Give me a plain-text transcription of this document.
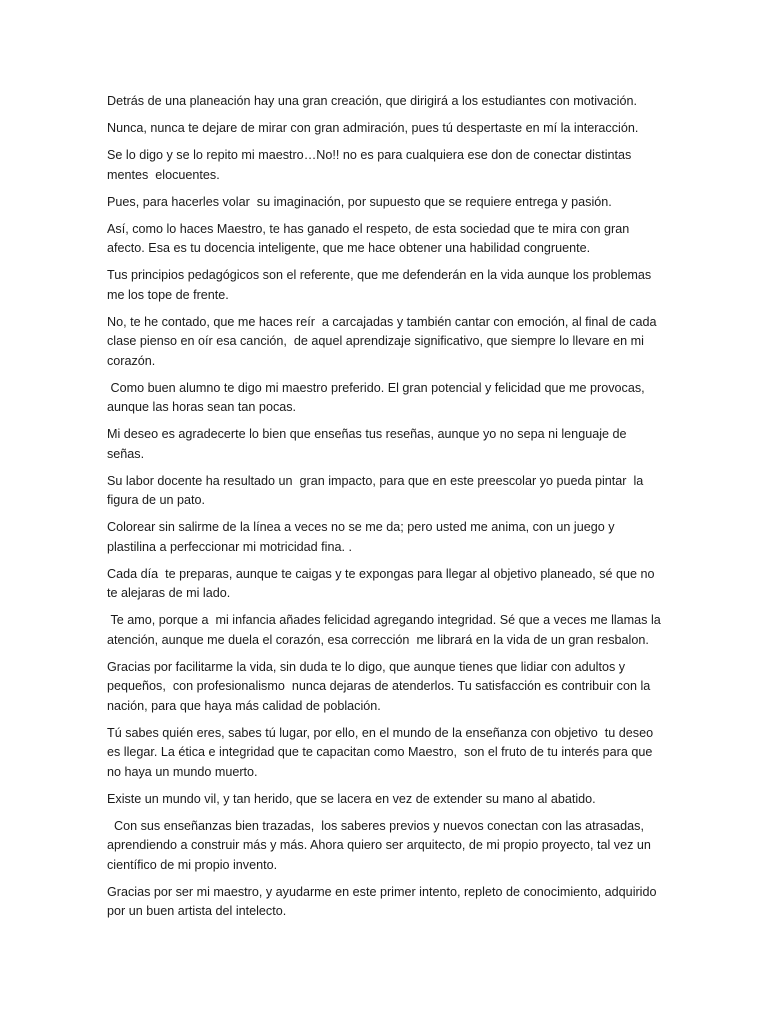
Detrás de una planeación hay una gran creación, que dirigirá a los estudiantes con motivación.

Nunca, nunca te dejare de mirar con gran admiración, pues tú despertaste en mí la interacción.

Se lo digo y se lo repito mi maestro…No!! no es para cualquiera ese don de conectar distintas mentes  elocuentes.

Pues, para hacerles volar  su imaginación, por supuesto que se requiere entrega y pasión.

Así, como lo haces Maestro, te has ganado el respeto, de esta sociedad que te mira con gran afecto. Esa es tu docencia inteligente, que me hace obtener una habilidad congruente.

Tus principios pedagógicos son el referente, que me defenderán en la vida aunque los problemas me los tope de frente.

No, te he contado, que me haces reír  a carcajadas y también cantar con emoción, al final de cada clase pienso en oír esa canción,  de aquel aprendizaje significativo, que siempre lo llevare en mi corazón.

Como buen alumno te digo mi maestro preferido. El gran potencial y felicidad que me provocas, aunque las horas sean tan pocas.

Mi deseo es agradecerte lo bien que enseñas tus reseñas, aunque yo no sepa ni lenguaje de señas.

Su labor docente ha resultado un  gran impacto, para que en este preescolar yo pueda pintar  la figura de un pato.

Colorear sin salirme de la línea a veces no se me da; pero usted me anima, con un juego y plastilina a perfeccionar mi motricidad fina. .

Cada día  te preparas, aunque te caigas y te expongas para llegar al objetivo planeado, sé que no te alejaras de mi lado.

Te amo, porque a  mi infancia añades felicidad agregando integridad. Sé que a veces me llamas la atención, aunque me duela el corazón, esa corrección  me librará en la vida de un gran resbalon.

Gracias por facilitarme la vida, sin duda te lo digo, que aunque tienes que lidiar con adultos y pequeños,  con profesionalismo  nunca dejaras de atenderlos. Tu satisfacción es contribuir con la nación, para que haya más calidad de población.

Tú sabes quién eres, sabes tú lugar, por ello, en el mundo de la enseñanza con objetivo  tu deseo es llegar. La ética e integridad que te capacitan como Maestro,  son el fruto de tu interés para que no haya un mundo muerto.

Existe un mundo vil, y tan herido, que se lacera en vez de extender su mano al abatido.

Con sus enseñanzas bien trazadas,  los saberes previos y nuevos conectan con las atrasadas, aprendiendo a construir más y más. Ahora quiero ser arquitecto, de mi propio proyecto, tal vez un científico de mi propio invento.

Gracias por ser mi maestro, y ayudarme en este primer intento, repleto de conocimiento, adquirido por un buen artista del intelecto.
